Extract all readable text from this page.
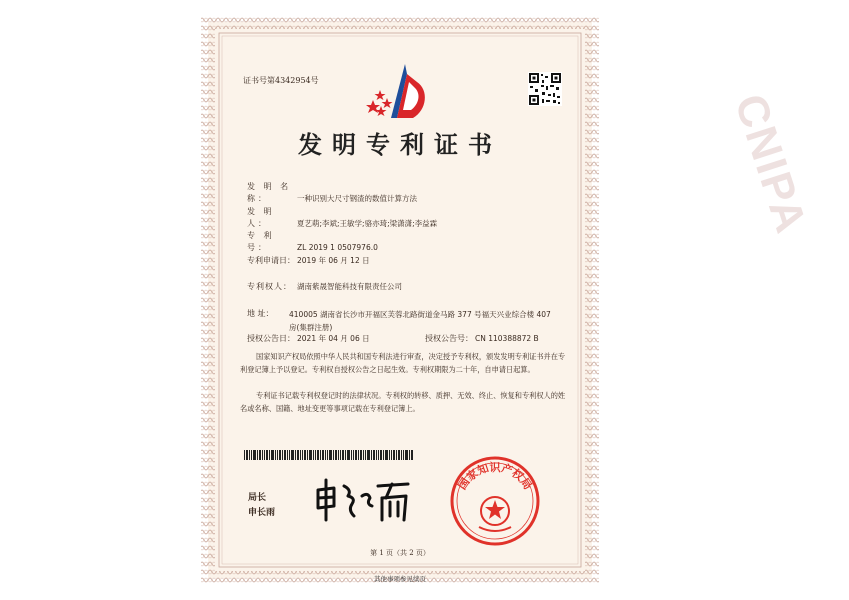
CNIPA
证书号第4342954号
发明专利证书
发 明 名 称：	一种识别大尺寸钢渣的数值计算方法
发 明 人：	夏艺萌;李斌;王敏学;骆亦琦;梁潇潇;李益霖
专 利 号：	ZL 2019 1 0507976.0
专利申请日： 2019 年 06 月 12 日
专利权人： 湖南紫晟智能科技有限责任公司
地 址： 410005 湖南省长沙市开福区芙蓉北路街道金马路 377 号福天兴业综合楼 407 房(集群注册)
授权公告日： 2021 年 04 月 06 日	授权公告号： CN 110388872 B
国家知识产权局依照中华人民共和国专利法进行审查，决定授予专利权，颁发发明专利证书并在专利登记簿上予以登记。专利权自授权公告之日起生效。专利权期限为二十年，自申请日起算。
专利证书记载专利权登记时的法律状况。专利权的转移、质押、无效、终止、恢复和专利权人的姓名或名称、国籍、地址变更等事项记载在专利登记簿上。
局长
申长雨
国家知识产权局
第 1 页（共 2 页）
其他事项参见续页
